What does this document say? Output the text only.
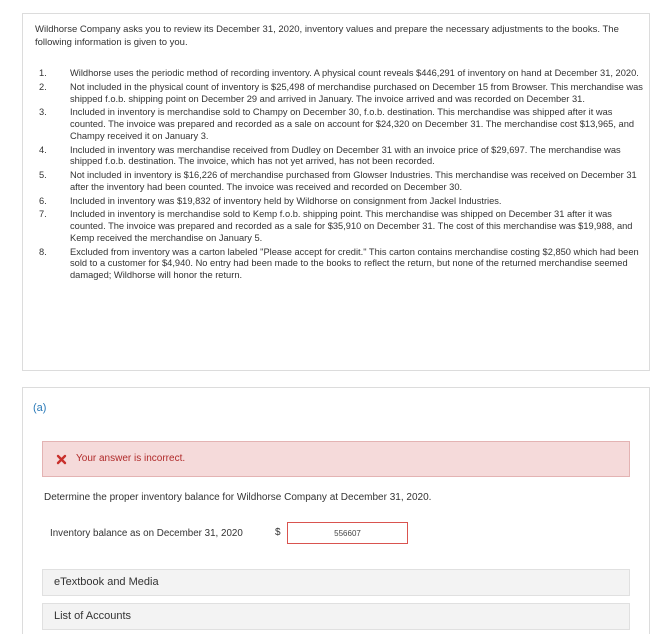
Wildhorse Company asks you to review its December 31, 2020, inventory values and prepare the necessary adjustments to the books. The following information is given to you.
1. Wildhorse uses the periodic method of recording inventory. A physical count reveals $446,291 of inventory on hand at December 31, 2020.
2. Not included in the physical count of inventory is $25,498 of merchandise purchased on December 15 from Browser. This merchandise was shipped f.o.b. shipping point on December 29 and arrived in January. The invoice arrived and was recorded on December 31.
3. Included in inventory is merchandise sold to Champy on December 30, f.o.b. destination. This merchandise was shipped after it was counted. The invoice was prepared and recorded as a sale on account for $24,320 on December 31. The merchandise cost $13,965, and Champy received it on January 3.
4. Included in inventory was merchandise received from Dudley on December 31 with an invoice price of $29,697. The merchandise was shipped f.o.b. destination. The invoice, which has not yet arrived, has not been recorded.
5. Not included in inventory is $16,226 of merchandise purchased from Glowser Industries. This merchandise was received on December 31 after the inventory had been counted. The invoice was received and recorded on December 30.
6. Included in inventory was $19,832 of inventory held by Wildhorse on consignment from Jackel Industries.
7. Included in inventory is merchandise sold to Kemp f.o.b. shipping point. This merchandise was shipped on December 31 after it was counted. The invoice was prepared and recorded as a sale for $35,910 on December 31. The cost of this merchandise was $19,988, and Kemp received the merchandise on January 5.
8. Excluded from inventory was a carton labeled "Please accept for credit." This carton contains merchandise costing $2,850 which had been sold to a customer for $4,940. No entry had been made to the books to reflect the return, but none of the returned merchandise seemed damaged; Wildhorse will honor the return.
(a)
Your answer is incorrect.
Determine the proper inventory balance for Wildhorse Company at December 31, 2020.
Inventory balance as on December 31, 2020	$
556607
eTextbook and Media
List of Accounts
